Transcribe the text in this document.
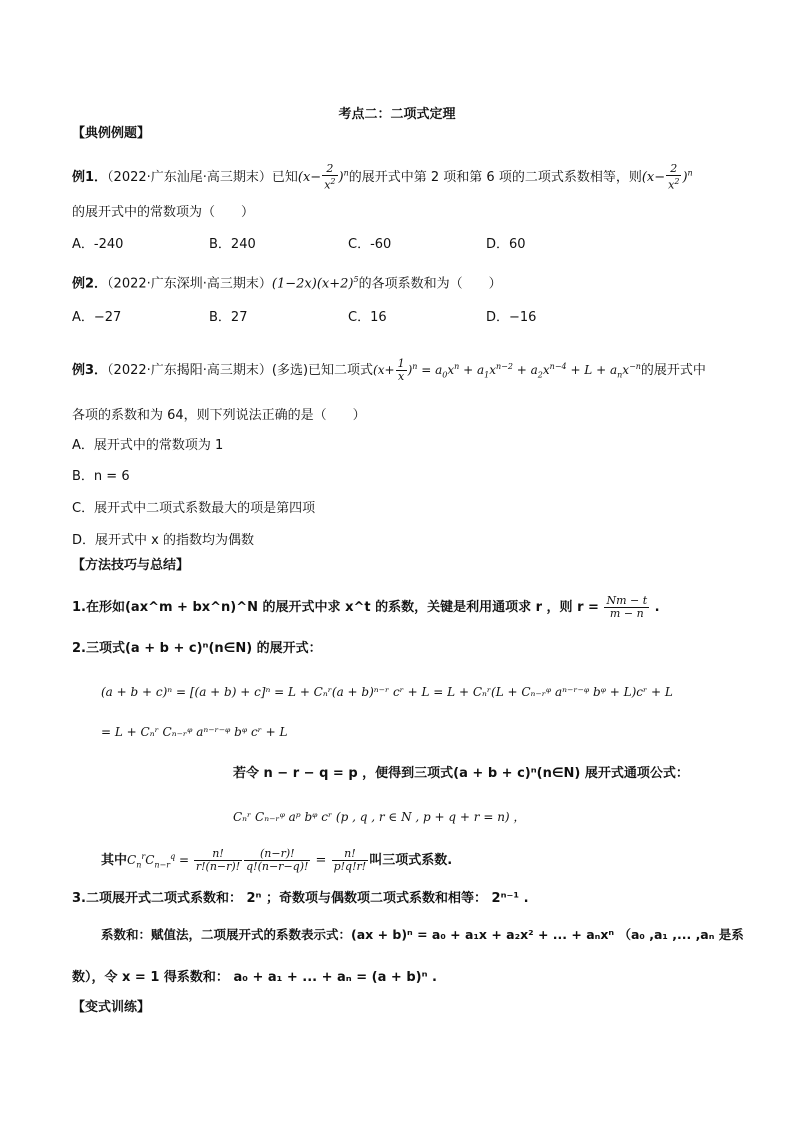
考点二：二项式定理
【典例例题】
例1．（2022·广东汕尾·高三期末）已知$(x- \frac{2}{x^2} )^n$的展开式中第 2 项和第 6 项的二项式系数相等，则$(x- \frac{2}{x^2} )^n$
的展开式中的常数项为（　　）
A．-240	B．240	C．-60	D．60
例2．（2022·广东深圳·高三期末）$(1-2x)(x+2)^5$的各项系数和为（　　）
A．−27	B．27	C．16	D．−16
例3．（2022·广东揭阳·高三期末）(多选)已知二项式$(x+ \frac{1}{x} )^n = a_0x^n + a_1x^{n-2} + a_2x^{n-4} + L + a_nx^{-n}$的展开式中
各项的系数和为 64，则下列说法正确的是（　　）
A．展开式中的常数项为 1
B．n = 6
C．展开式中二项式系数最大的项是第四项
D．展开式中 x 的指数均为偶数
【方法技巧与总结】
1.在形如(ax^m + bx^n)^N 的展开式中求 x^t 的系数，关键是利用通项求 r ，则 $r = \frac{Nm - t}{m - n}$ .
2.三项式(a + b + c)ⁿ(n∈N) 的展开式：
(a + b + c)ⁿ = [(a + b) + c]ⁿ = L + Cₙʳ(a + b)ⁿ⁻ʳ cʳ + L = L + Cₙʳ(L + Cₙ₋ᵣᵠ aⁿ⁻ʳ⁻ᵠ bᵠ + L)cʳ + L
= L + Cₙʳ Cₙ₋ᵣᵠ aⁿ⁻ʳ⁻ᵠ bᵠ cʳ + L
若令 n − r − q = p ，便得到三项式(a + b + c)ⁿ(n∈N) 展开式通项公式：
Cₙʳ Cₙ₋ᵣᵠ aᵖ bᵠ cʳ (p , q , r ∈ N , p + q + r = n) ，
其中$C_n^rC_{n-r}^q = \frac{n!}{r!(n-r)!} \frac{(n-r)!}{q!(n-r-q)!} = \frac{n!}{p!q!r!}$ 叫三项式系数.
3.二项展开式二项式系数和： 2ⁿ ；奇数项与偶数项二项式系数和相等： 2ⁿ⁻¹ .
系数和：赋值法，二项展开式的系数表示式：(ax + b)ⁿ = a₀ + a₁x + a₂x² + ... + aₙxⁿ （a₀ ,a₁ ,... ,aₙ 是系
数），令 x = 1 得系数和： a₀ + a₁ + ... + aₙ = (a + b)ⁿ .
【变式训练】
